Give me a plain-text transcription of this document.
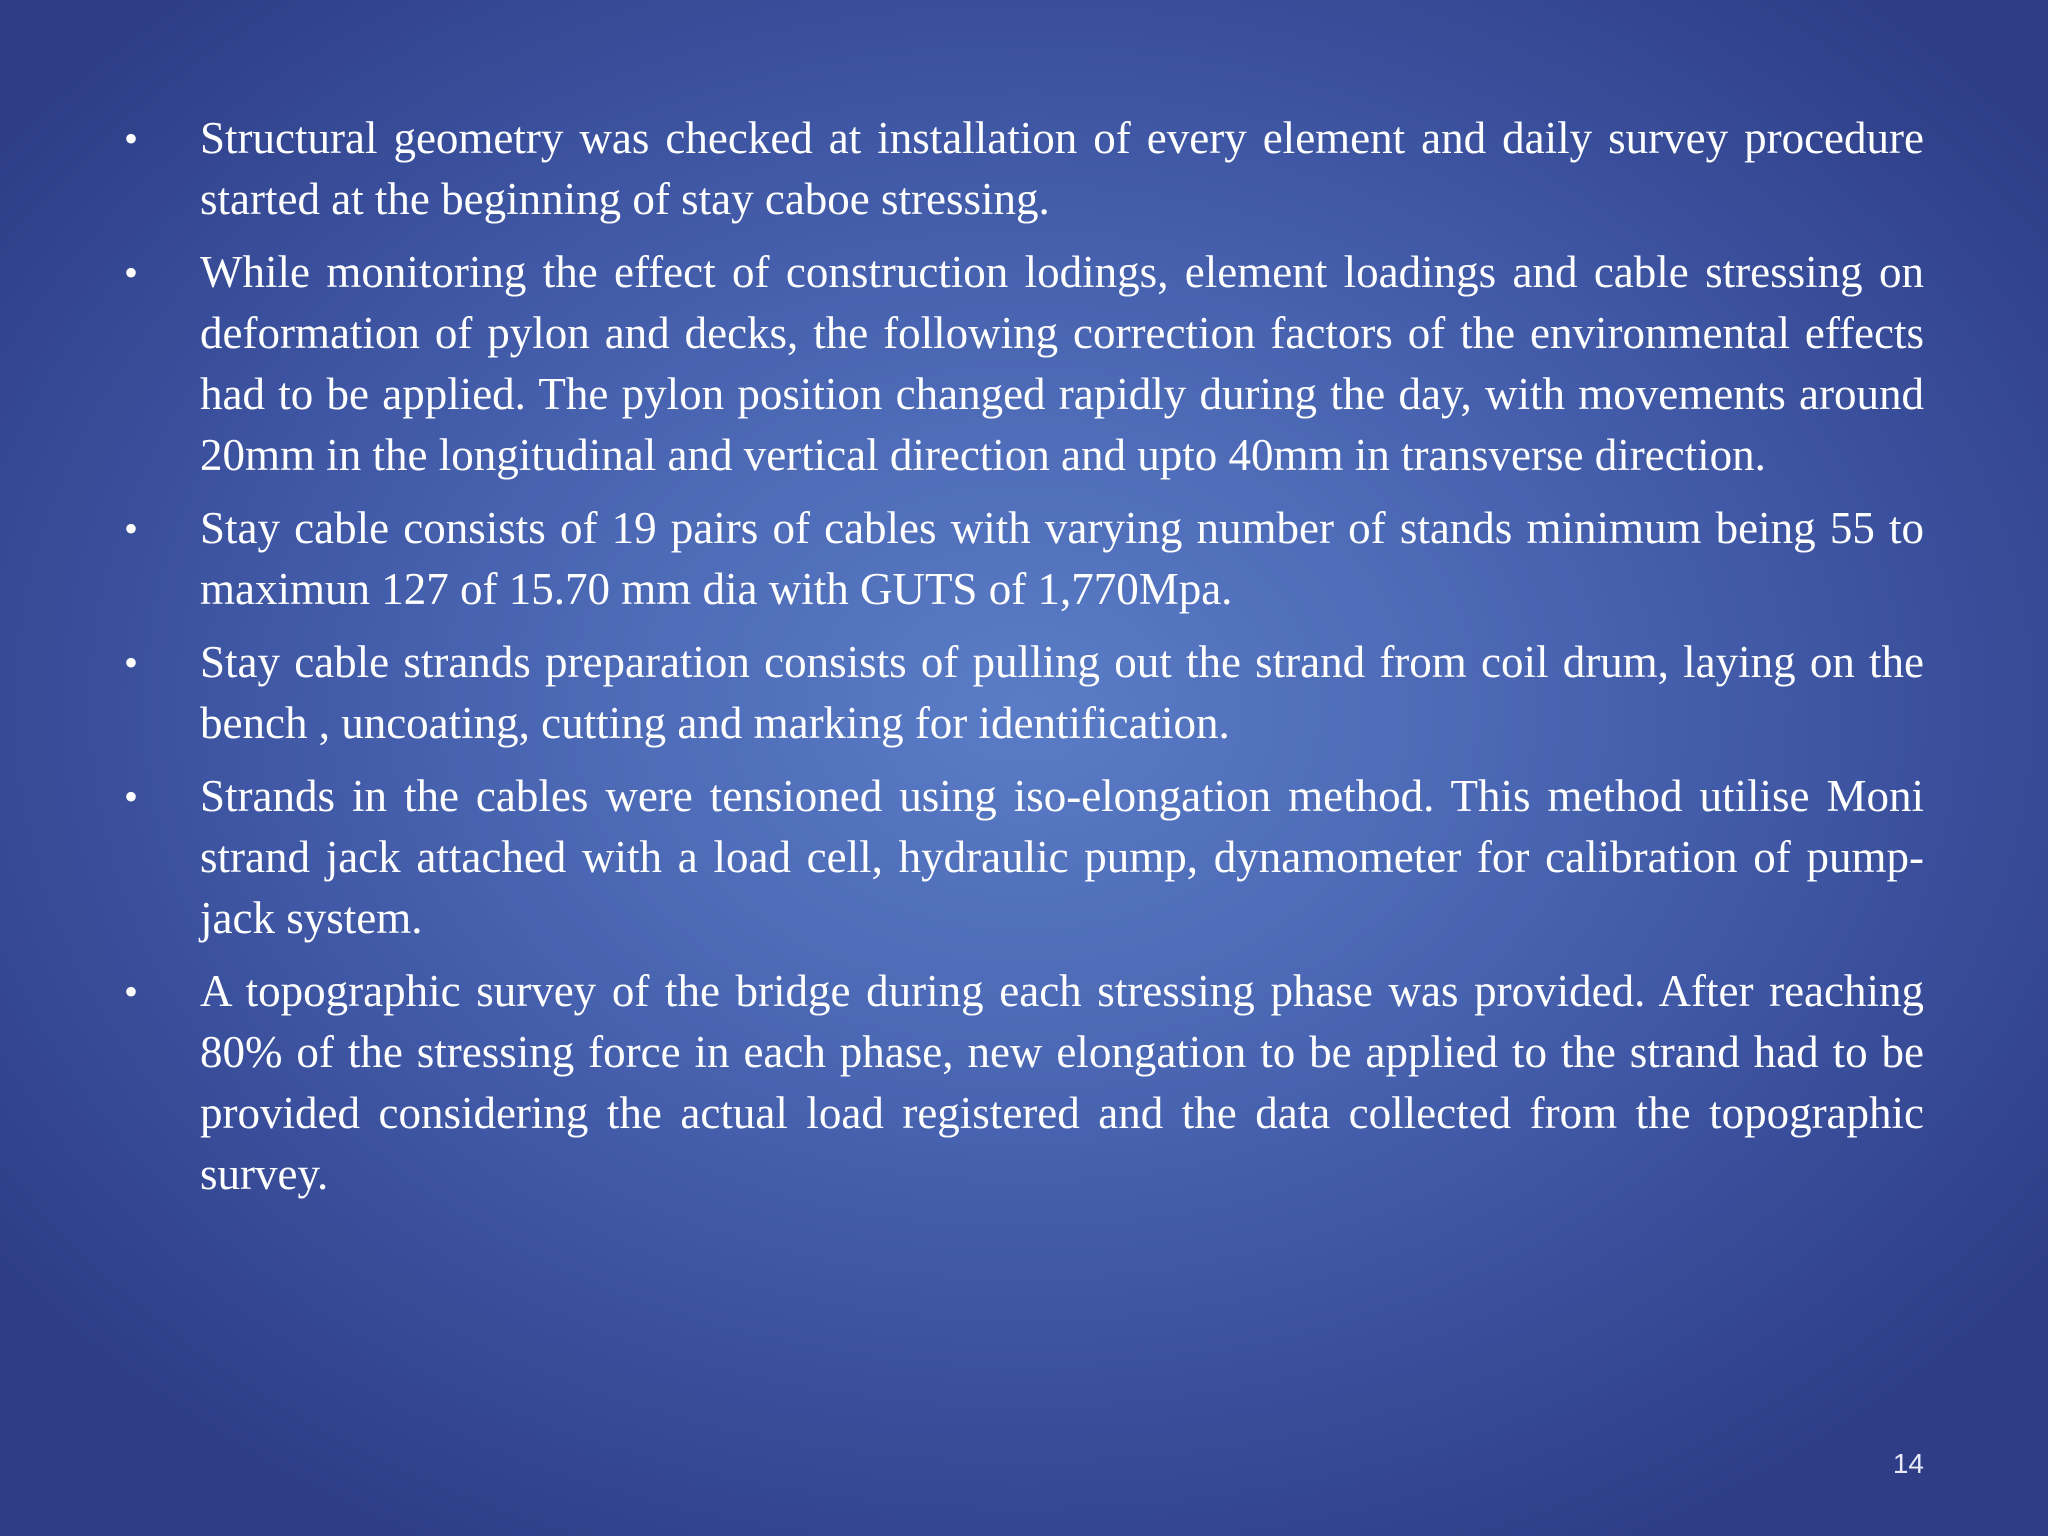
•	Structural geometry was checked at installation of every element and daily survey procedure started at the beginning of stay caboe stressing.
•	While monitoring the effect of construction lodings, element loadings and cable stressing on deformation of pylon and decks, the following correction factors of the environmental effects had to be applied. The pylon position changed rapidly during the day, with movements around 20mm in the longitudinal and vertical direction and upto 40mm in transverse direction.
•	Stay cable consists of 19 pairs of cables with varying number of stands minimum being 55 to maximun 127 of 15.70 mm dia with GUTS of 1,770Mpa.
•	Stay cable strands preparation consists of pulling out the strand from coil drum, laying on the bench , uncoating, cutting and marking for identification.
•	Strands in the cables were tensioned using iso-elongation method. This method utilise Moni strand jack attached with a load cell, hydraulic pump, dynamometer for calibration of pump-jack system.
•	A topographic survey of the bridge during each stressing phase was provided. After reaching 80% of the stressing force in each phase, new elongation to be applied to the strand had to be provided considering the actual load registered and the data collected from the topographic survey.
14
